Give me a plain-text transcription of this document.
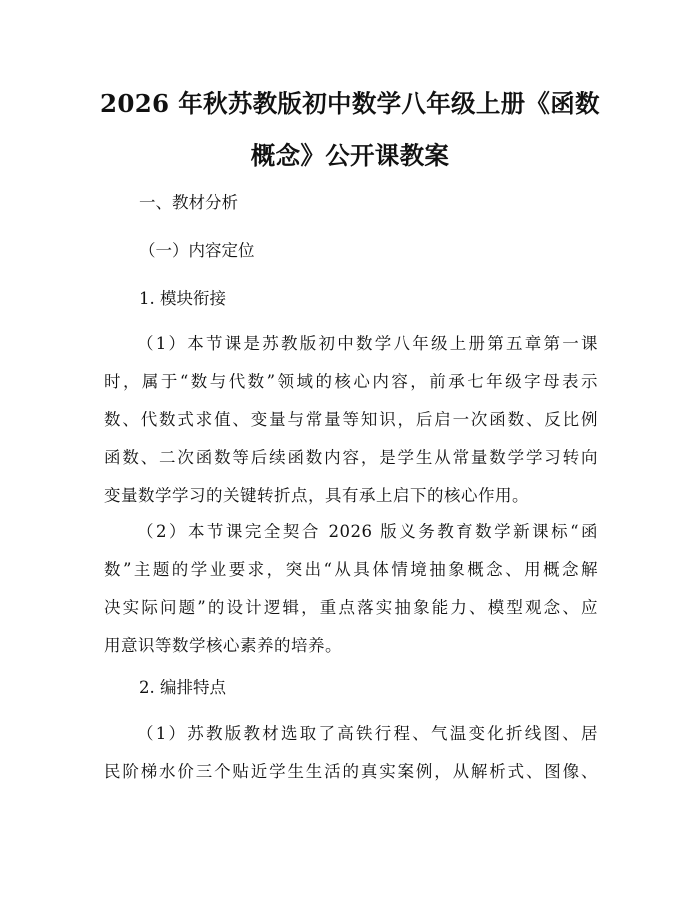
2026 年秋苏教版初中数学八年级上册《函数
概念》公开课教案
一、教材分析
（一）内容定位
1. 模块衔接
（1）本节课是苏教版初中数学八年级上册第五章第一课
时，属于“数与代数”领域的核心内容，前承七年级字母表示
数、代数式求值、变量与常量等知识，后启一次函数、反比例
函数、二次函数等后续函数内容，是学生从常量数学学习转向
变量数学学习的关键转折点，具有承上启下的核心作用。
（2）本节课完全契合 2026 版义务教育数学新课标“函
数”主题的学业要求，突出“从具体情境抽象概念、用概念解
决实际问题”的设计逻辑，重点落实抽象能力、模型观念、应
用意识等数学核心素养的培养。
2. 编排特点
（1）苏教版教材选取了高铁行程、气温变化折线图、居
民阶梯水价三个贴近学生生活的真实案例，从解析式、图像、
